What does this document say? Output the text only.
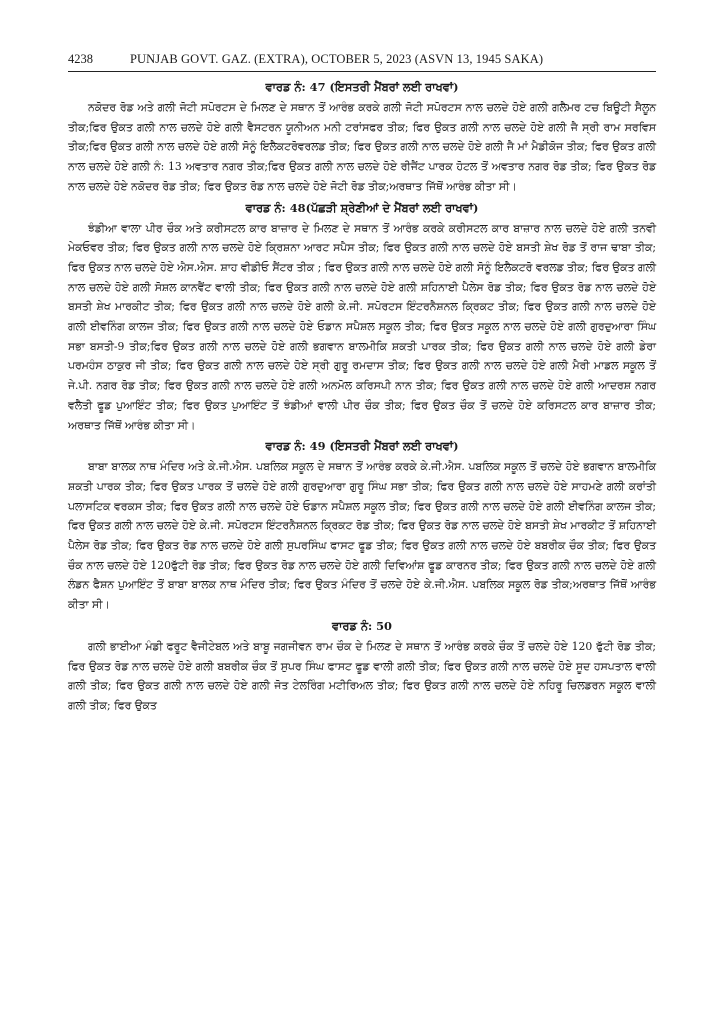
4238	PUNJAB GOVT. GAZ. (EXTRA), OCTOBER 5, 2023 (ASVN 13, 1945 SAKA)
ਵਾਰਡ ਨੰ: 47 (ਇਸਤਰੀ ਮੈਂਬਰਾਂ ਲਈ ਰਾਖਵਾਂ)

ਨਕੋਦਰ ਰੋਡ ਅਤੇ ਗਲੀ ਜੋਟੀ ਸਪੋਰਟਸ ਦੇ ਮਿਲਣ ਦੇ ਸਥਾਨ ਤੋਂ ਆਰੰਭ ਕਰਕੇ ਗਲੀ ਜੋਟੀ ਸਪੋਰਟਸ ਨਾਲ ਚਲਦੇ ਹੋਏ ਗਲੀ ਗਲੈਮਰ ਟਚ ਬਿਊਟੀ ਸੈਲੂਨ ਤੀਕ;ਫਿਰ ਉਕਤ ਗਲੀ ਨਾਲ ਚਲਦੇ ਹੋਏ ਗਲੀ ਵੈਸਟਰਨ ਯੂਨੀਅਨ ਮਨੀ ਟਰਾਂਸਫਰ ਤੀਕ; ਫਿਰ ਉਕਤ ਗਲੀ ਨਾਲ ਚਲਦੇ ਹੋਏ ਗਲੀ ਜੈ ਸ੍ਰੀ ਰਾਮ ਸਰਵਿਸ ਤੀਕ;ਫਿਰ ਉਕਤ ਗਲੀ ਨਾਲ ਚਲਦੇ ਹੋਏ ਗਲੀ ਸੋਨੂੰ ਇਲੈਕਟਰੋਵਰਲਡ ਤੀਕ; ਫਿਰ ਉਕਤ ਗਲੀ ਨਾਲ ਚਲਦੇ ਹੋਏ ਗਲੀ ਜੈ ਮਾਂ ਮੈਡੀਕੋਜ ਤੀਕ; ਫਿਰ ਉਕਤ ਗਲੀ ਨਾਲ ਚਲਦੇ ਹੋਏ ਗਲੀ ਨੰ: 13 ਅਵਤਾਰ ਨਗਰ ਤੀਕ;ਫਿਰ ਉਕਤ ਗਲੀ ਨਾਲ ਚਲਦੇ ਹੋਏ ਰੀਜੈਂਟ ਪਾਰਕ ਹੋਟਲ ਤੋਂ ਅਵਤਾਰ ਨਗਰ ਰੋਡ ਤੀਕ; ਫਿਰ ਉਕਤ ਰੋਡ ਨਾਲ ਚਲਦੇ ਹੋਏ ਨਕੋਦਰ ਰੋਡ ਤੀਕ; ਫਿਰ ਉਕਤ ਰੋਡ ਨਾਲ ਚਲਦੇ ਹੋਏ ਜੋਟੀ ਰੋਡ ਤੀਕ;ਅਰਥਾਤ ਜਿੱਥੋਂ ਆਰੰਭ ਕੀਤਾ ਸੀ।

ਵਾਰਡ ਨੰ: 48(ਪੱਛੜੀ ਸ਼੍ਰੇਣੀਆਂ ਦੇ ਮੈਂਬਰਾਂ ਲਈ ਰਾਖਵਾਂ)

ਝੰਡੀਆ ਵਾਲਾ ਪੀਰ ਚੌਕ ਅਤੇ ਕਰੀਸਟਲ ਕਾਰ ਬਾਜ਼ਾਰ ਦੇ ਮਿਲਣ ਦੇ ਸਥਾਨ ਤੋਂ ਆਰੰਭ ਕਰਕੇ ਕਰੀਸਟਲ ਕਾਰ ਬਾਜ਼ਾਰ ਨਾਲ ਚਲਦੇ ਹੋਏ ਗਲੀ ਤਨਵੀ ਮੇਕਓਵਰ ਤੀਕ; ਫਿਰ ਉਕਤ ਗਲੀ ਨਾਲ ਚਲਦੇ ਹੋਏ ਕ੍ਰਿਸ਼ਨਾ ਆਰਟ ਸਪੈਸ ਤੀਕ; ਫਿਰ ਉਕਤ ਗਲੀ ਨਾਲ ਚਲਦੇ ਹੋਏ ਬਸਤੀ ਸ਼ੇਖ ਰੋਡ ਤੋਂ ਰਾਜ ਢਾਬਾ ਤੀਕ; ਫਿਰ ਉਕਤ ਨਾਲ ਚਲਦੇ ਹੋਏ ਐਸ.ਐਸ. ਸ਼ਾਹ ਵੀਡੀਓ ਸੈਂਟਰ ਤੀਕ ; ਫਿਰ ਉਕਤ ਗਲੀ ਨਾਲ ਚਲਦੇ ਹੋਏ ਗਲੀ ਸੋਨੂੰ ਇਲੈਕਟਰੋ ਵਰਲਡ ਤੀਕ; ਫਿਰ ਉਕਤ ਗਲੀ ਨਾਲ ਚਲਦੇ ਹੋਏ ਗਲੀ ਸੋਸ਼ਲ ਕਾਨਵੈਂਟ ਵਾਲੀ ਤੀਕ; ਫਿਰ ਉਕਤ ਗਲੀ ਨਾਲ ਚਲਦੇ ਹੋਏ ਗਲੀ ਸ਼ਹਿਨਾਈ ਪੈਲੇਸ ਰੋਡ ਤੀਕ; ਫਿਰ ਉਕਤ ਰੋਡ ਨਾਲ ਚਲਦੇ ਹੋਏ ਬਸਤੀ ਸ਼ੇਖ ਮਾਰਕੀਟ ਤੀਕ; ਫਿਰ ਉਕਤ ਗਲੀ ਨਾਲ ਚਲਦੇ ਹੋਏ ਗਲੀ ਕੇ.ਜੀ. ਸਪੋਰਟਸ ਇੰਟਰਨੈਸ਼ਨਲ ਕ੍ਰਿਕਟ ਤੀਕ; ਫਿਰ ਉਕਤ ਗਲੀ ਨਾਲ ਚਲਦੇ ਹੋਏ ਗਲੀ ਈਵਨਿੰਗ ਕਾਲਜ ਤੀਕ; ਫਿਰ ਉਕਤ ਗਲੀ ਨਾਲ ਚਲਦੇ ਹੋਏ ਓਡਾਨ ਸਪੈਸ਼ਲ ਸਕੂਲ ਤੀਕ; ਫਿਰ ਉਕਤ ਸਕੂਲ ਨਾਲ ਚਲਦੇ ਹੋਏ ਗਲੀ ਗੁਰਦੁਆਰਾ ਸਿੰਘ ਸਭਾ ਬਸਤੀ-9 ਤੀਕ;ਫਿਰ ਉਕਤ ਗਲੀ ਨਾਲ ਚਲਦੇ ਹੋਏ ਗਲੀ ਭਗਵਾਨ ਬਾਲਮੀਕਿ ਸ਼ਕਤੀ ਪਾਰਕ ਤੀਕ; ਫਿਰ ਉਕਤ ਗਲੀ ਨਾਲ ਚਲਦੇ ਹੋਏ ਗਲੀ ਡੇਰਾ ਪਰਮਹੰਸ ਠਾਕੁਰ ਜੀ ਤੀਕ; ਫਿਰ ਉਕਤ ਗਲੀ ਨਾਲ ਚਲਦੇ ਹੋਏ ਸ੍ਰੀ ਗੁਰੂ ਰਮਦਾਸ ਤੀਕ; ਫਿਰ ਉਕਤ ਗਲੀ ਨਾਲ ਚਲਦੇ ਹੋਏ ਗਲੀ ਮੈਰੀ ਮਾਡਲ ਸਕੂਲ ਤੋਂ ਜੇ.ਪੀ. ਨਗਰ ਰੋਡ ਤੀਕ; ਫਿਰ ਉਕਤ ਗਲੀ ਨਾਲ ਚਲਦੇ ਹੋਏ ਗਲੀ ਅਨਮੋਲ ਕਰਿਸਪੀ ਨਾਨ ਤੀਕ; ਫਿਰ ਉਕਤ ਗਲੀ ਨਾਲ ਚਲਦੇ ਹੋਏ ਗਲੀ ਆਦਰਸ਼ ਨਗਰ ਵਲੈਤੀ ਫੂਡ ਪੁਆਇੰਟ ਤੀਕ; ਫਿਰ ਉਕਤ ਪੁਆਇੰਟ ਤੋਂ ਝੰਡੀਆਂ ਵਾਲੀ ਪੀਰ ਚੌਕ ਤੀਕ; ਫਿਰ ਉਕਤ ਚੌਕ ਤੋਂ ਚਲਦੇ ਹੋਏ ਕਰਿਸਟਲ ਕਾਰ ਬਾਜ਼ਾਰ ਤੀਕ; ਅਰਥਾਤ ਜਿੱਥੋਂ ਆਰੰਭ ਕੀਤਾ ਸੀ।

ਵਾਰਡ ਨੰ: 49 (ਇਸਤਰੀ ਮੈਂਬਰਾਂ ਲਈ ਰਾਖਵਾਂ)

ਬਾਬਾ ਬਾਲਕ ਨਾਥ ਮੰਦਿਰ ਅਤੇ ਕੇ.ਜੀ.ਐਸ. ਪਬਲਿਕ ਸਕੂਲ ਦੇ ਸਥਾਨ ਤੋਂ ਆਰੰਭ ਕਰਕੇ ਕੇ.ਜੀ.ਐਸ. ਪਬਲਿਕ ਸਕੂਲ ਤੋਂ ਚਲਦੇ ਹੋਏ ਭਗਵਾਨ ਬਾਲਮੀਕਿ ਸ਼ਕਤੀ ਪਾਰਕ ਤੀਕ; ਫਿਰ ਉਕਤ ਪਾਰਕ ਤੋਂ ਚਲਦੇ ਹੋਏ ਗਲੀ ਗੁਰਦੁਆਰਾ ਗੁਰੂ ਸਿੰਘ ਸਭਾ ਤੀਕ; ਫਿਰ ਉਕਤ ਗਲੀ ਨਾਲ ਚਲਦੇ ਹੋਏ ਸਾਹਮਣੇ ਗਲੀ ਕਰਾਂਤੀ ਪਲਾਸਟਿਕ ਵਰਕਸ ਤੀਕ; ਫਿਰ ਉਕਤ ਗਲੀ ਨਾਲ ਚਲਦੇ ਹੋਏ ਓਡਾਨ ਸਪੈਸ਼ਲ ਸਕੂਲ ਤੀਕ; ਫਿਰ ਉਕਤ ਗਲੀ ਨਾਲ ਚਲਦੇ ਹੋਏ ਗਲੀ ਈਵਨਿੰਗ ਕਾਲਜ ਤੀਕ; ਫਿਰ ਉਕਤ ਗਲੀ ਨਾਲ ਚਲਦੇ ਹੋਏ ਕੇ.ਜੀ. ਸਪੋਰਟਸ ਇੰਟਰਨੈਸ਼ਨਲ ਕ੍ਰਿਕਟ ਰੋਡ ਤੀਕ; ਫਿਰ ਉਕਤ ਰੋਡ ਨਾਲ ਚਲਦੇ ਹੋਏ ਬਸਤੀ ਸ਼ੇਖ ਮਾਰਕੀਟ ਤੋਂ ਸ਼ਹਿਨਾਈ ਪੈਲੇਸ ਰੋਡ ਤੀਕ; ਫਿਰ ਉਕਤ ਰੋਡ ਨਾਲ ਚਲਦੇ ਹੋਏ ਗਲੀ ਸੁਪਰਸਿੰਘ ਫਾਸਟ ਫੂਡ ਤੀਕ; ਫਿਰ ਉਕਤ ਗਲੀ ਨਾਲ ਚਲਦੇ ਹੋਏ ਬਬਰੀਕ ਚੌਕ ਤੀਕ; ਫਿਰ ਉਕਤ ਚੌਕ ਨਾਲ ਚਲਦੇ ਹੋਏ 120ਫੁੱਟੀ ਰੋਡ ਤੀਕ; ਫਿਰ ਉਕਤ ਰੋਡ ਨਾਲ ਚਲਦੇ ਹੋਏ ਗਲੀ ਦਿਵਿਆਂਸ਼ ਫੂਡ ਕਾਰਨਰ ਤੀਕ; ਫਿਰ ਉਕਤ ਗਲੀ ਨਾਲ ਚਲਦੇ ਹੋਏ ਗਲੀ ਲੰਡਨ ਫੈਸ਼ਨ ਪੁਆਇੰਟ ਤੋਂ ਬਾਬਾ ਬਾਲਕ ਨਾਥ ਮੰਦਿਰ ਤੀਕ; ਫਿਰ ਉਕਤ ਮੰਦਿਰ ਤੋਂ ਚਲਦੇ ਹੋਏ ਕੇ.ਜੀ.ਐਸ. ਪਬਲਿਕ ਸਕੂਲ ਰੋਡ ਤੀਕ;ਅਰਥਾਤ ਜਿੱਥੋਂ ਆਰੰਭ ਕੀਤਾ ਸੀ।

ਵਾਰਡ ਨੰ: 50

ਗਲੀ ਭਾਈਆ ਮੰਡੀ ਫਰੂਟ ਵੈਜੀਟੇਬਲ ਅਤੇ ਬਾਬੂ ਜਗਜੀਵਨ ਰਾਮ ਚੌਕ ਦੇ ਮਿਲਣ ਦੇ ਸਥਾਨ ਤੋਂ ਆਰੰਭ ਕਰਕੇ ਚੌਕ ਤੋਂ ਚਲਦੇ ਹੋਏ 120 ਫੁੱਟੀ ਰੋਡ ਤੀਕ; ਫਿਰ ਉਕਤ ਰੋਡ ਨਾਲ ਚਲਦੇ ਹੋਏ ਗਲੀ ਬਬਰੀਕ ਚੌਕ ਤੋਂ ਸੁਪਰ ਸਿੰਘ ਫਾਸਟ ਫੂਡ ਵਾਲੀ ਗਲੀ ਤੀਕ; ਫਿਰ ਉਕਤ ਗਲੀ ਨਾਲ ਚਲਦੇ ਹੋਏ ਸੂਦ ਹਸਪਤਾਲ ਵਾਲੀ ਗਲੀ ਤੀਕ; ਫਿਰ ਉਕਤ ਗਲੀ ਨਾਲ ਚਲਦੇ ਹੋਏ ਗਲੀ ਜੋਤ ਟੇਲਰਿੰਗ ਮਟੀਰਿਅਲ ਤੀਕ; ਫਿਰ ਉਕਤ ਗਲੀ ਨਾਲ ਚਲਦੇ ਹੋਏ ਨਹਿਰੂ ਚਿਲਡਰਨ ਸਕੂਲ ਵਾਲੀ ਗਲੀ ਤੀਕ; ਫਿਰ ਉਕਤ
